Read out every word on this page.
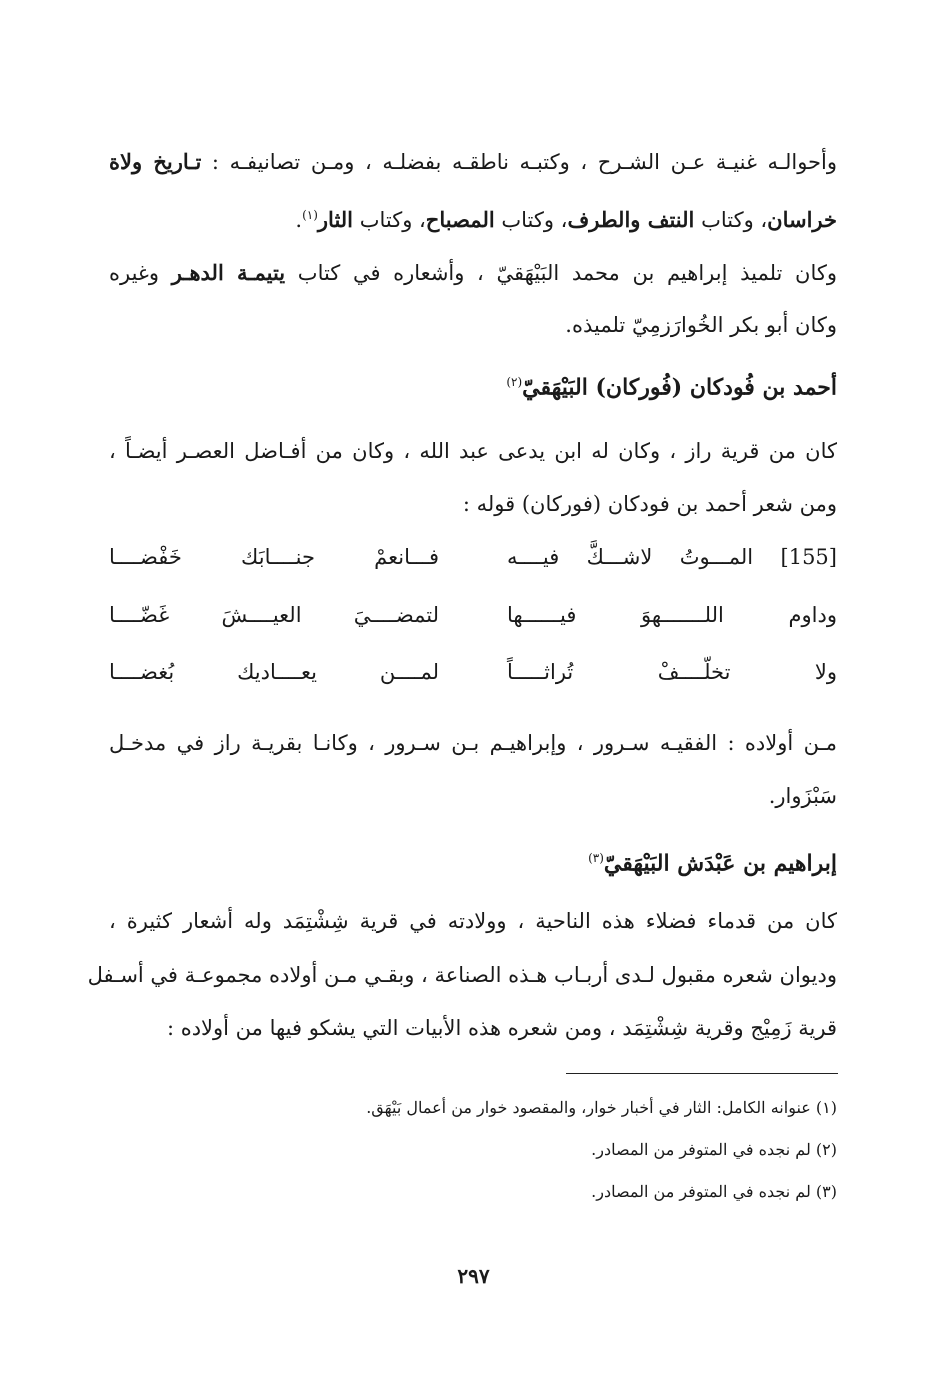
وأحوالـه غنيـة عـن الشـرح ، وكتبـه ناطقـه بفضلـه ، ومـن تصانيفـه : تـاريخ ولاة
خراسان، وكتاب النتف والطرف، وكتاب المصباح، وكتاب الثار$^{(١)}$.
وكان تلميذ إبراهيم بن محمد البَيْهَقيّ ، وأشعاره في كتاب يتيمـة الدهـر وغيره
وكان أبو بكر الخُوارَزمِيّ تلميذه.
أحمد بن فُودكان (فُوركان) البَيْهَقيّ$^{(٢)}$
كان من قرية راز ، وكان له ابن يدعى عبد الله ، وكان من أفـاضل العصـر أيضـاً ،
ومن شعر أحمد بن فودكان (فوركان) قوله :
[155] المـــوتُ لاشـــكَّ فيــــه
فـــانعمْ جنــــابَك خَفْضــــا
وداوم اللـــــــهوَ فيــــــها
لتمضــــيَ العيــــشَ غَضّــــا
ولا تخلّــــفْ تُراثـــــاً
لمــــن يعــــاديك بُغضــــا
مـن أولاده : الفقيـه سـرور ، وإبراهيـم بـن سـرور ، وكانـا بقريـة راز في مدخـل
سَبْزَوار.
إبراهيم بن عَبْدَش البَيْهَقيّ$^{(٣)}$
كان من قدماء فضلاء هذه الناحية ، وولادته في قرية شِشْتِمَد وله أشعار كثيرة ،
وديوان شعره مقبول لـدى أربـاب هـذه الصناعة ، وبقـي مـن أولاده مجموعـة في أسـفل
قرية زَمِيْج وقرية شِشْتِمَد ، ومن شعره هذه الأبيات التي يشكو فيها من أولاده :
(١) عنوانه الكامل: الثار في أخبار خوار، والمقصود خوار من أعمال بَيْهَق.
(٢) لم نجده في المتوفر من المصادر.
(٣) لم نجده في المتوفر من المصادر.
٢٩٧
